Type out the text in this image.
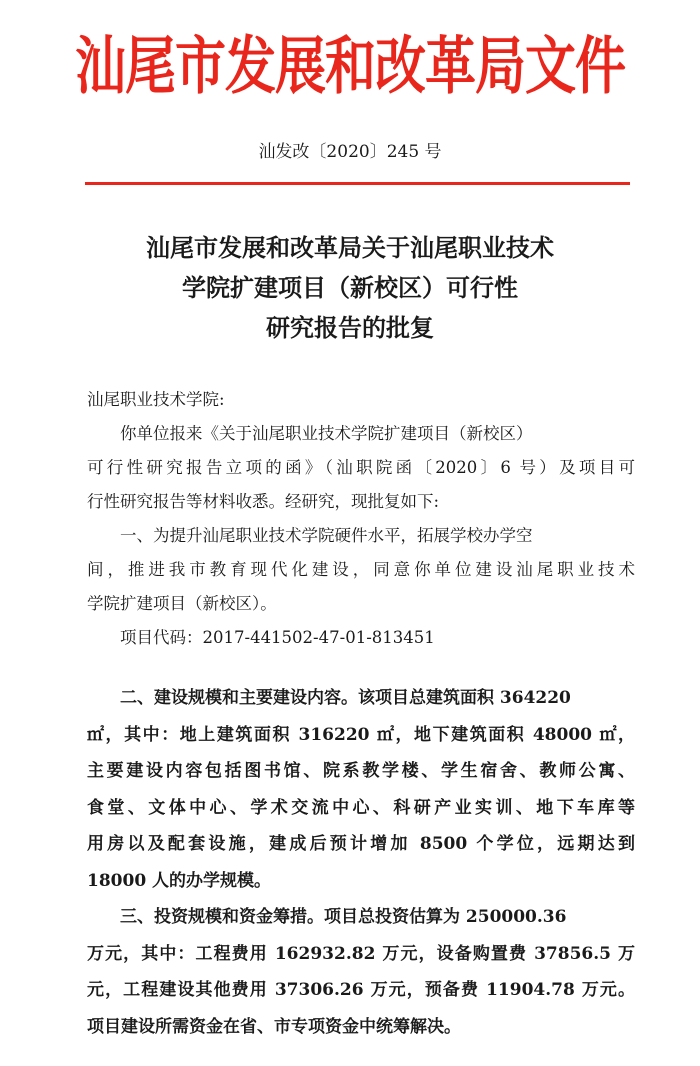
汕尾市发展和改革局文件
汕发改〔2020〕245 号
汕尾市发展和改革局关于汕尾职业技术
学院扩建项目（新校区）可行性
研究报告的批复
汕尾职业技术学院:
你单位报来《关于汕尾职业技术学院扩建项目（新校区）
可行性研究报告立项的函》（汕职院函〔2020〕6 号）及项目可
行性研究报告等材料收悉。经研究，现批复如下:
一、为提升汕尾职业技术学院硬件水平，拓展学校办学空
间，推进我市教育现代化建设，同意你单位建设汕尾职业技术
学院扩建项目（新校区）。
项目代码：2017-441502-47-01-813451
二、建设规模和主要建设内容。该项目总建筑面积 364220
㎡，其中：地上建筑面积 316220 ㎡，地下建筑面积 48000 ㎡，
主要建设内容包括图书馆、院系教学楼、学生宿舍、教师公寓、
食堂、文体中心、学术交流中心、科研产业实训、地下车库等
用房以及配套设施，建成后预计增加 8500 个学位，远期达到
18000 人的办学规模。
三、投资规模和资金筹措。项目总投资估算为 250000.36
万元，其中：工程费用 162932.82 万元，设备购置费 37856.5 万
元，工程建设其他费用 37306.26 万元，预备费 11904.78 万元。
项目建设所需资金在省、市专项资金中统筹解决。
